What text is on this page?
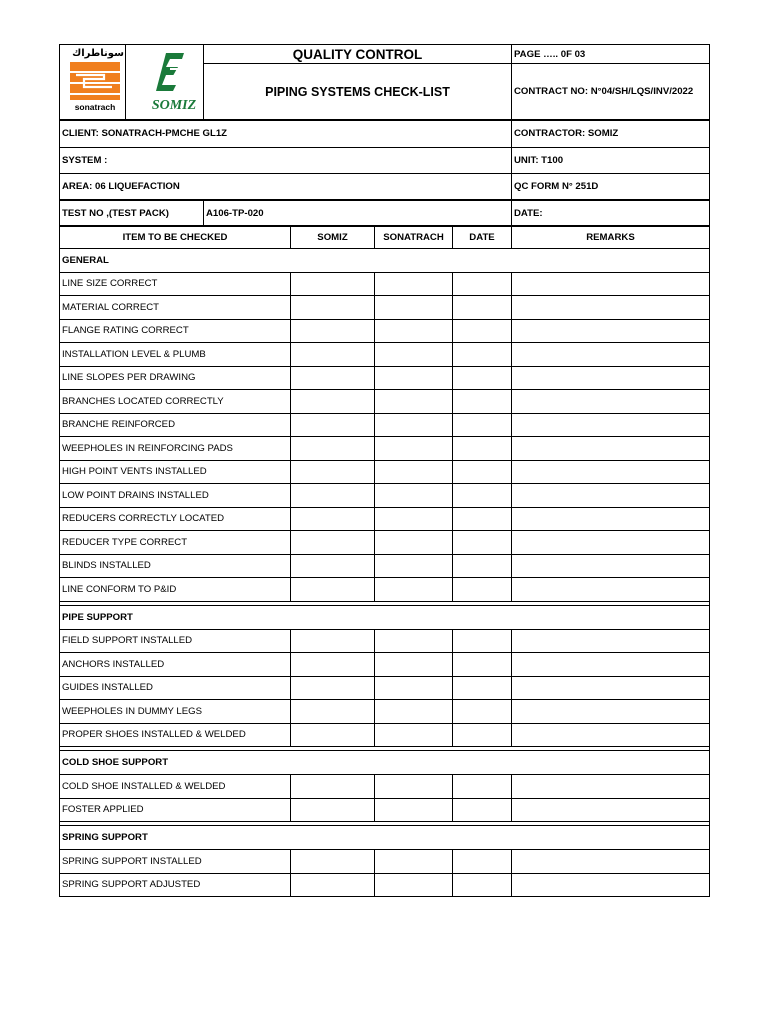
سوناطراك
sonatrach	SOMIZ	QUALITY CONTROL				PAGE ….. 0F 03
		PIPING SYSTEMS CHECK-LIST				CONTRACT NO: N°04/SH/LQS/INV/2022
CLIENT: SONATRACH-PMCHE GL1Z						CONTRACTOR: SOMIZ
SYSTEM :						UNIT: T100
AREA: 06 LIQUEFACTION						QC FORM N° 251D
TEST NO ,(TEST PACK)		A106-TP-020				DATE:
ITEM TO BE CHECKED			SOMIZ	SONATRACH	DATE	REMARKS
GENERAL						
LINE SIZE CORRECT						
MATERIAL CORRECT						
FLANGE RATING CORRECT						
INSTALLATION LEVEL & PLUMB						
LINE SLOPES PER DRAWING						
BRANCHES LOCATED CORRECTLY						
BRANCHE REINFORCED						
WEEPHOLES IN REINFORCING PADS						
HIGH POINT VENTS INSTALLED						
LOW POINT DRAINS INSTALLED						
REDUCERS CORRECTLY LOCATED						
REDUCER TYPE CORRECT						
BLINDS INSTALLED						
LINE CONFORM TO P&ID						

PIPE SUPPORT						
FIELD SUPPORT INSTALLED						
ANCHORS INSTALLED						
GUIDES INSTALLED						
WEEPHOLES IN DUMMY LEGS						
PROPER SHOES INSTALLED & WELDED						

COLD SHOE SUPPORT						
COLD SHOE INSTALLED & WELDED						
FOSTER APPLIED						

SPRING SUPPORT						
SPRING SUPPORT INSTALLED						
SPRING SUPPORT ADJUSTED						
